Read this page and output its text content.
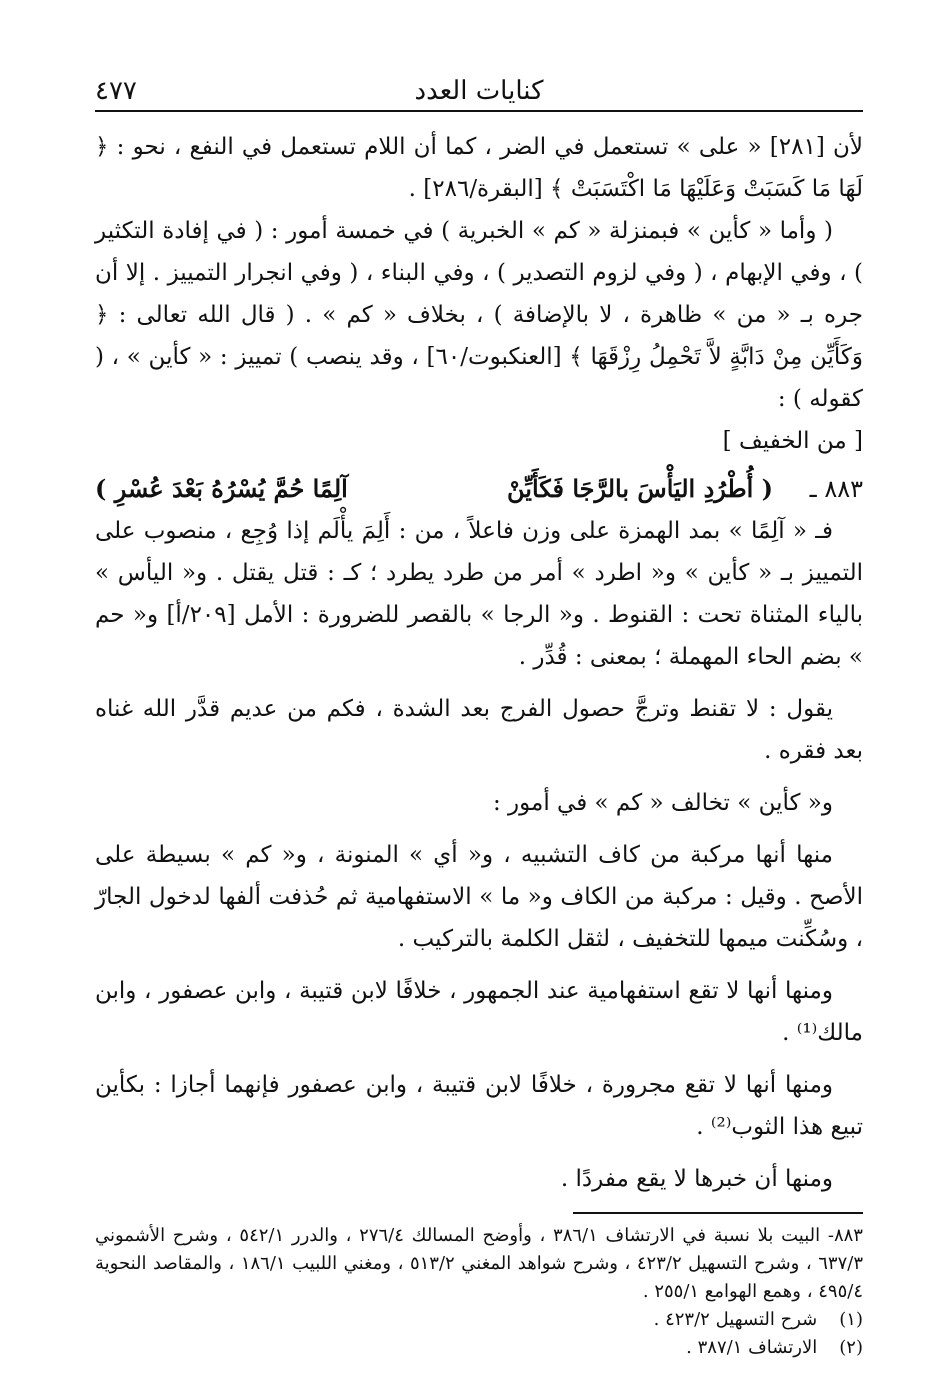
كنايات العدد
٤٧٧

لأن [٢٨١] « على » تستعمل في الضر ، كما أن اللام تستعمل في النفع ، نحو : ﴿ لَهَا مَا كَسَبَتْ وَعَلَيْهَا مَا اكْتَسَبَتْ ﴾ [البقرة/٢٨٦] .

( وأما « كأين » فبمنزلة « كم » الخبرية ) في خمسة أمور : ( في إفادة التكثير ) ، وفي الإبهام ، ( وفي لزوم التصدير ) ، وفي البناء ، ( وفي انجرار التمييز . إلا أن جره بـ « من » ظاهرة ، لا بالإضافة ) ، بخلاف « كم » . ( قال الله تعالى : ﴿ وَكَأَيِّن مِنْ دَابَّةٍ لاَّ تَحْمِلُ رِزْقَهَا ﴾ [العنكبوت/٦٠] ، وقد ينصب ) تمييز : « كأين » ، ( كقوله ) :

[ من الخفيف ]

٨٨٣ ـ
( أُطْرُدِ اليَأْسَ بالرَّجَا فَكَأَيِّنْ
آلِمًا حُمَّ يُسْرُهُ بَعْدَ عُسْرِ )

فـ « آلِمًا » بمد الهمزة على وزن فاعلاً ، من : أَلِمَ يأْلَم إذا وُجِع ، منصوب على التمييز بـ « كأين » و« اطرد » أمر من طرد يطرد ؛ كـ : قتل يقتل . و« اليأس » بالياء المثناة تحت : القنوط . و« الرجا » بالقصر للضرورة : الأمل [٢٠٩/أ] و« حم » بضم الحاء المهملة ؛ بمعنى : قُدِّر .

يقول : لا تقنط وترجَّ حصول الفرج بعد الشدة ، فكم من عديم قدَّر الله غناه بعد فقره .

و« كأين » تخالف « كم » في أمور :

منها أنها مركبة من كاف التشبيه ، و« أي » المنونة ، و« كم » بسيطة على الأصح . وقيل : مركبة من الكاف و« ما » الاستفهامية ثم حُذفت ألفها لدخول الجارّ ، وسُكِّنت ميمها للتخفيف ، لثقل الكلمة بالتركيب .

ومنها أنها لا تقع استفهامية عند الجمهور ، خلافًا لابن قتيبة ، وابن عصفور ، وابن مالك⁽¹⁾ .

ومنها أنها لا تقع مجرورة ، خلافًا لابن قتيبة ، وابن عصفور فإنهما أجازا : بكأين تبيع هذا الثوب⁽²⁾ .

ومنها أن خبرها لا يقع مفردًا .

٨٨٣- البيت بلا نسبة في الارتشاف ٣٨٦/١ ، وأوضح المسالك ٢٧٦/٤ ، والدرر ٥٤٢/١ ، وشرح الأشموني ٦٣٧/٣ ، وشرح التسهيل ٤٢٣/٢ ، وشرح شواهد المغني ٥١٣/٢ ، ومغني اللبيب ١٨٦/١ ، والمقاصد النحوية ٤٩٥/٤ ، وهمع الهوامع ٢٥٥/١ .

(١) شرح التسهيل ٤٢٣/٢ .

(٢) الارتشاف ٣٨٧/١ .
